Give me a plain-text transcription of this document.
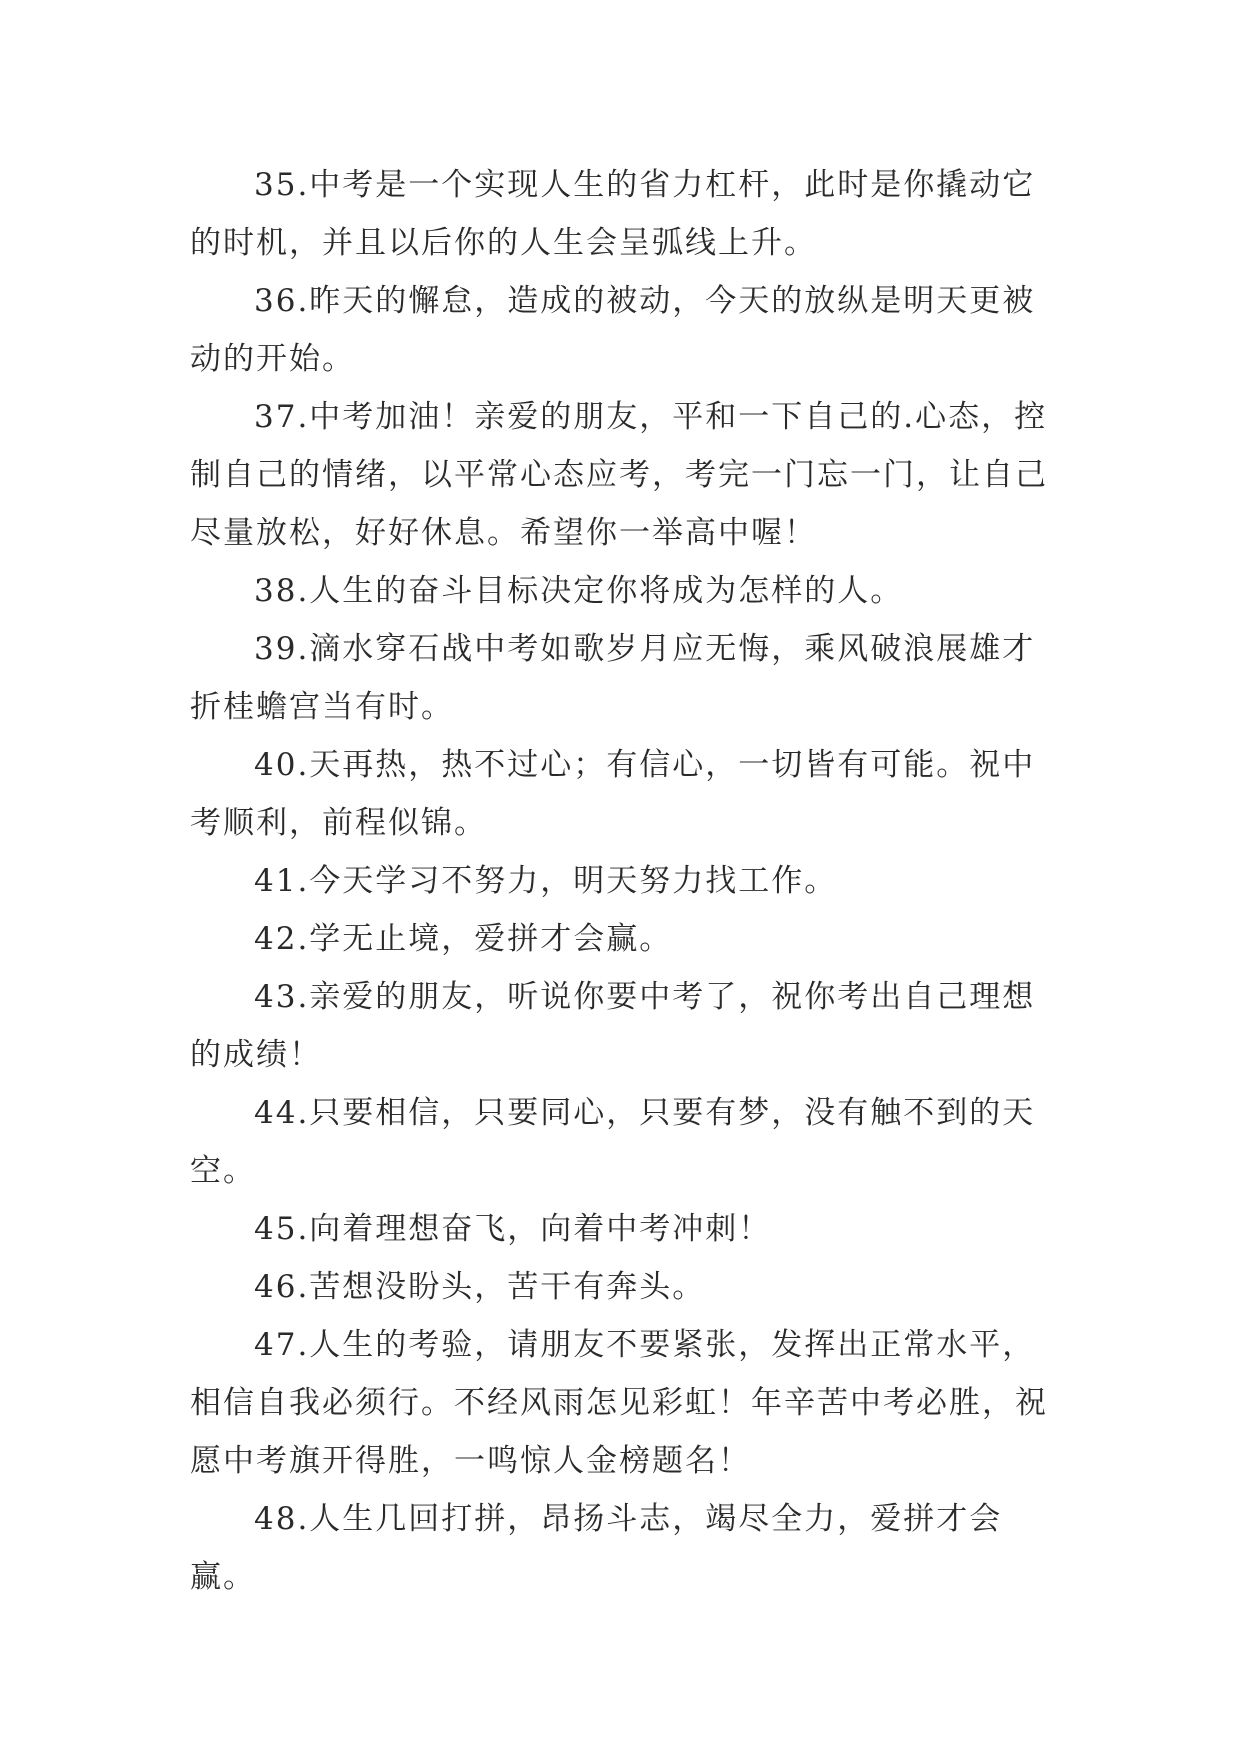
35.中考是一个实现人生的省力杠杆，此时是你撬动它
的时机，并且以后你的人生会呈弧线上升。
36.昨天的懈怠，造成的被动，今天的放纵是明天更被
动的开始。
37.中考加油！亲爱的朋友，平和一下自己的.心态，控
制自己的情绪，以平常心态应考，考完一门忘一门，让自己
尽量放松，好好休息。希望你一举高中喔！
38.人生的奋斗目标决定你将成为怎样的人。
39.滴水穿石战中考如歌岁月应无悔，乘风破浪展雄才
折桂蟾宫当有时。
40.天再热，热不过心；有信心，一切皆有可能。祝中
考顺利，前程似锦。
41.今天学习不努力，明天努力找工作。
42.学无止境，爱拼才会赢。
43.亲爱的朋友，听说你要中考了，祝你考出自己理想
的成绩！
44.只要相信，只要同心，只要有梦，没有触不到的天
空。
45.向着理想奋飞，向着中考冲刺！
46.苦想没盼头，苦干有奔头。
47.人生的考验，请朋友不要紧张，发挥出正常水平，
相信自我必须行。不经风雨怎见彩虹！年辛苦中考必胜，祝
愿中考旗开得胜，一鸣惊人金榜题名！
48.人生几回打拼，昂扬斗志，竭尽全力，爱拼才会赢。
